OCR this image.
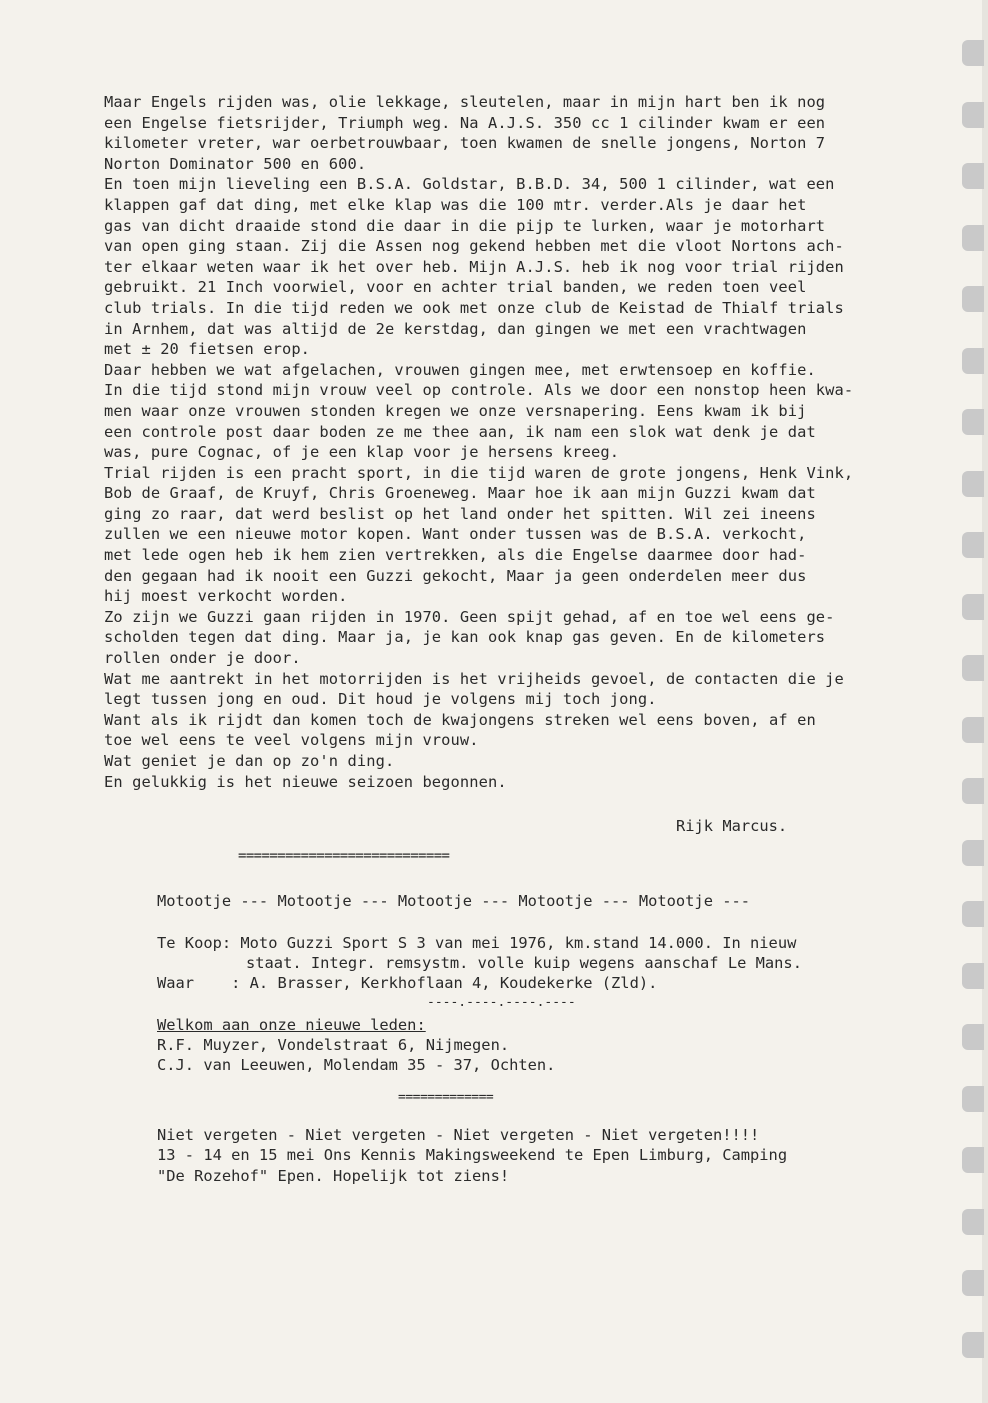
Maar Engels rijden was, olie lekkage, sleutelen, maar in mijn hart ben ik nog
een Engelse fietsrijder, Triumph weg. Na A.J.S. 350 cc 1 cilinder kwam er een
kilometer vreter, war oerbetrouwbaar, toen kwamen de snelle jongens, Norton 7
Norton Dominator 500 en 600.
En toen mijn lieveling een B.S.A. Goldstar, B.B.D. 34, 500 1 cilinder, wat een
klappen gaf dat ding, met elke klap was die 100 mtr. verder.Als je daar het
gas van dicht draaide stond die daar in die pijp te lurken, waar je motorhart
van open ging staan. Zij die Assen nog gekend hebben met die vloot Nortons ach-
ter elkaar weten waar ik het over heb. Mijn A.J.S. heb ik nog voor trial rijden
gebruikt. 21 Inch voorwiel, voor en achter trial banden, we reden toen veel
club trials. In die tijd reden we ook met onze club de Keistad de Thialf trials
in Arnhem, dat was altijd de 2e kerstdag, dan gingen we met een vrachtwagen
met ± 20 fietsen erop.
Daar hebben we wat afgelachen, vrouwen gingen mee, met erwtensoep en koffie.
In die tijd stond mijn vrouw veel op controle. Als we door een nonstop heen kwa-
men waar onze vrouwen stonden kregen we onze versnapering. Eens kwam ik bij
een controle post daar boden ze me thee aan, ik nam een slok wat denk je dat
was, pure Cognac, of je een klap voor je hersens kreeg.
Trial rijden is een pracht sport, in die tijd waren de grote jongens, Henk Vink,
Bob de Graaf, de Kruyf, Chris Groeneweg. Maar hoe ik aan mijn Guzzi kwam dat
ging zo raar, dat werd beslist op het land onder het spitten. Wil zei ineens
zullen we een nieuwe motor kopen. Want onder tussen was de B.S.A. verkocht,
met lede ogen heb ik hem zien vertrekken, als die Engelse daarmee door had-
den gegaan had ik nooit een Guzzi gekocht, Maar ja geen onderdelen meer dus
hij moest verkocht worden.
Zo zijn we Guzzi gaan rijden in 1970. Geen spijt gehad, af en toe wel eens ge-
scholden tegen dat ding. Maar ja, je kan ook knap gas geven. En de kilometers
rollen onder je door.
Wat me aantrekt in het motorrijden is het vrijheids gevoel, de contacten die je
legt tussen jong en oud. Dit houd je volgens mij toch jong.
Want als ik rijdt dan komen toch de kwajongens streken wel eens boven, af en
toe wel eens te veel volgens mijn vrouw.
Wat geniet je dan op zo'n ding.
En gelukkig is het nieuwe seizoen begonnen.
Rijk Marcus.
===========================
Motootje --- Motootje --- Motootje --- Motootje --- Motootje ---
Te Koop: Moto Guzzi Sport S 3 van mei 1976, km.stand 14.000. In nieuw
staat. Integr. remsystm. volle kuip wegens aanschaf Le Mans.
Waar    : A. Brasser, Kerkhoflaan 4, Koudekerke (Zld).
----.----.----.----
Welkom aan onze nieuwe leden:
R.F. Muyzer, Vondelstraat 6, Nijmegen.
C.J. van Leeuwen, Molendam 35 - 37, Ochten.
=============
Niet vergeten - Niet vergeten - Niet vergeten - Niet vergeten!!!!
13 - 14 en 15 mei Ons Kennis Makingsweekend te Epen Limburg, Camping
"De Rozehof" Epen. Hopelijk tot ziens!
